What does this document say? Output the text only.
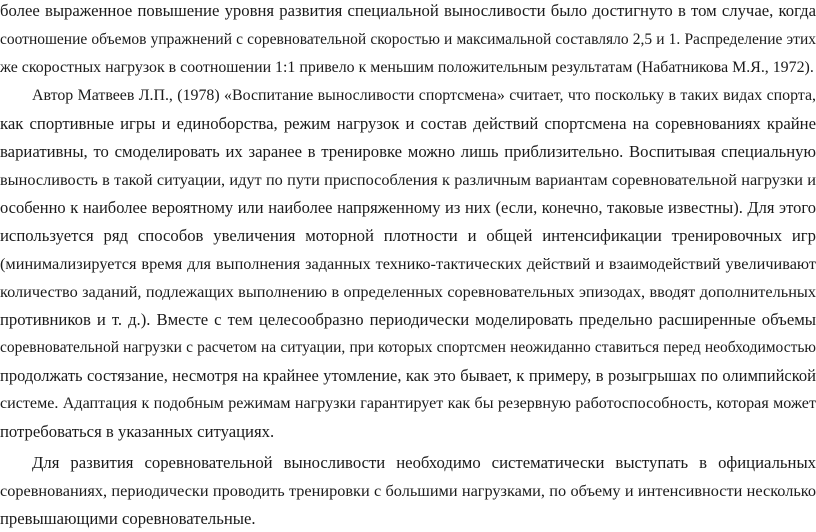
более выраженное повышение уровня развития специальной выносливости было достигнуто в том случае, когда
соотношение объемов упражнений с соревновательной скоростью и максимальной составляло 2,5 и 1. Распределение этих
же скоростных нагрузок в соотношении 1:1 привело к меньшим положительным результатам (Набатникова М.Я., 1972).
Автор Матвеев Л.П., (1978) «Воспитание выносливости спортсмена» считает, что поскольку в таких видах спорта,
как спортивные игры и единоборства, режим нагрузок и состав действий спортсмена на соревнованиях крайне
вариативны, то смоделировать их заранее в тренировке можно лишь приблизительно. Воспитывая специальную
выносливость в такой ситуации, идут по пути приспособления к различным вариантам соревновательной нагрузки и
особенно к наиболее вероятному или наиболее напряженному из них (если, конечно, таковые известны). Для этого
используется ряд способов увеличения моторной плотности и общей интенсификации тренировочных игр
(минимализируется время для выполнения заданных технико-тактических действий и взаимодействий увеличивают
количество заданий, подлежащих выполнению в определенных соревновательных эпизодах, вводят дополнительных
противников и т. д.). Вместе с тем целесообразно периодически моделировать предельно расширенные объемы
соревновательной нагрузки с расчетом на ситуации, при которых спортсмен неожиданно ставиться перед необходимостью
продолжать состязание, несмотря на крайнее утомление, как это бывает, к примеру, в розыгрышах по олимпийской
системе. Адаптация к подобным режимам нагрузки гарантирует как бы резервную работоспособность, которая может
потребоваться в указанных ситуациях.
Для развития соревновательной выносливости необходимо систематически выступать в официальных
соревнованиях, периодически проводить тренировки с большими нагрузками, по объему и интенсивности несколько
превышающими соревновательные.
